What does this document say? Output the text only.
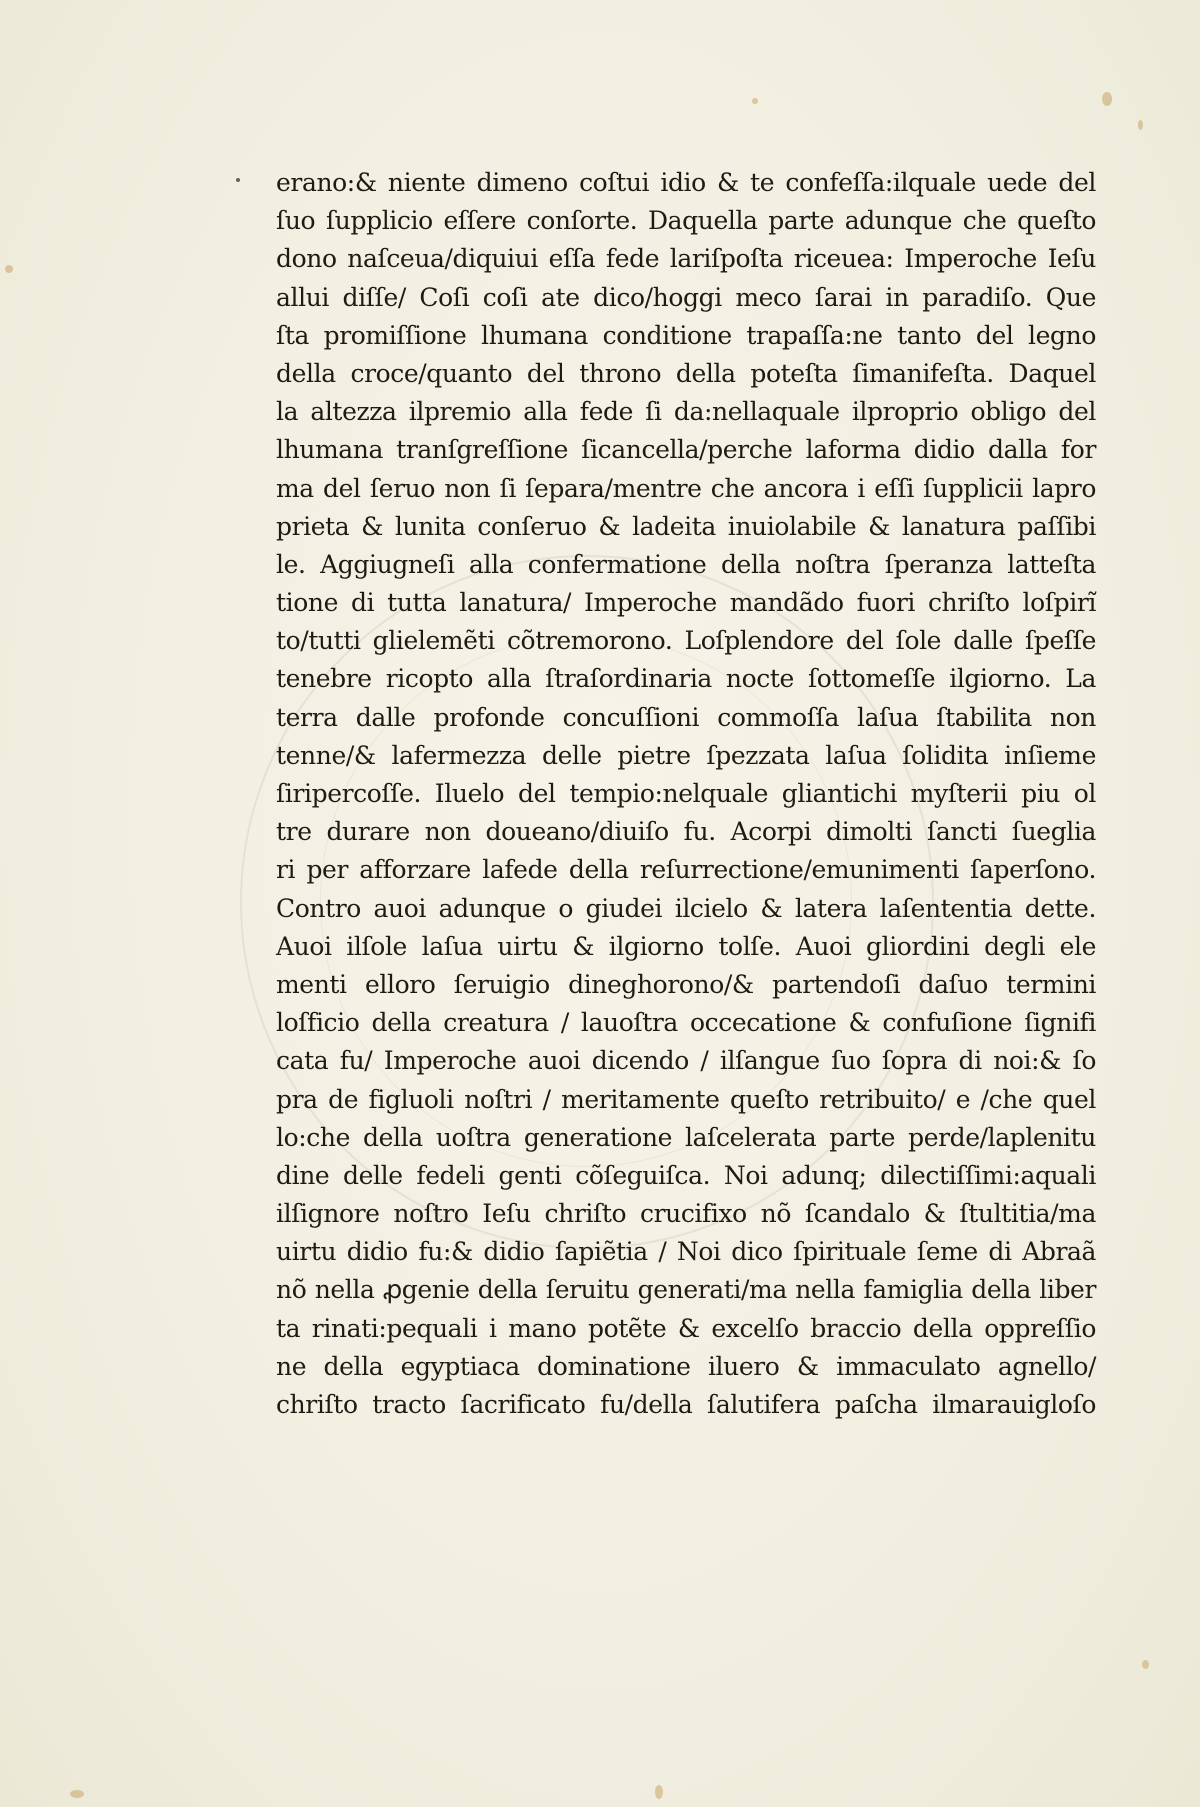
erano:& niente dimeno coſtui idio & te confeſſa:ilquale uede del
ſuo ſupplicio eſſere conſorte. Daquella parte adunque che queſto
dono naſceua/diquiui eſſa fede lariſpoſta riceuea: Imperoche Ieſu
allui diſſe/ Coſi coſi ate dico/hoggi meco ſarai in paradiſo. Que
ſta promiſſione lhumana conditione trapaſſa:ne tanto del legno
della croce/quanto del throno della poteſta ſimanifeſta. Daquel
la altezza ilpremio alla fede ſi da:nellaquale ilproprio obligo del
lhumana tranſgreſſione ſicancella/perche laforma didio dalla for
ma del ſeruo non ſi ſepara/mentre che ancora i eſſi ſupplicii lapro
prieta & lunita conſeruo & ladeita inuiolabile & lanatura paſſibi
le. Aggiugneſi alla confermatione della noſtra ſperanza latteſta
tione di tutta lanatura/ Imperoche mandãdo fuori chriſto loſpirĩ
to/tutti glielemẽti cõtremorono. Loſplendore del ſole dalle ſpeſſe
tenebre ricopto alla ſtraſordinaria nocte ſottomeſſe ilgiorno. La
terra dalle profonde concuſſioni commoſſa laſua ſtabilita non
tenne/& lafermezza delle pietre ſpezzata laſua ſolidita inſieme
ſiripercoſſe. Iluelo del tempio:nelquale gliantichi myſterii piu ol
tre durare non doueano/diuiſo fu. Acorpi dimolti ſancti ſueglia
ri per afforzare lafede della reſurrectione/emunimenti ſaperſono.
Contro auoi adunque o giudei ilcielo & latera laſententia dette.
Auoi ilſole laſua uirtu & ilgiorno tolſe. Auoi gliordini degli ele
menti elloro ſeruigio dineghorono/& partendoſi daſuo termini
loſficio della creatura / lauoſtra occecatione & confuſione ſignifi
cata fu/ Imperoche auoi dicendo / ilſangue ſuo ſopra di noi:& ſo
pra de figluoli noſtri / meritamente queſto retribuito/ e /che quel
lo:che della uoſtra generatione laſcelerata parte perde/laplenitu
dine delle fedeli genti cõſeguiſca. Noi adunq; dilectiſſimi:aquali
ilſignore noſtro Ieſu chriſto crucifixo nõ ſcandalo & ſtultitia/ma
uirtu didio fu:& didio ſapiẽtia / Noi dico ſpirituale ſeme di Abraã
nõ nella ꝓgenie della ſeruitu generati/ma nella famiglia della liber
ta rinati:pequali i mano potẽte & excelſo braccio della oppreſſio
ne della egyptiaca dominatione iluero & immaculato agnello/
chriſto tracto ſacrificato fu/della ſalutifera paſcha ilmarauigloſo
